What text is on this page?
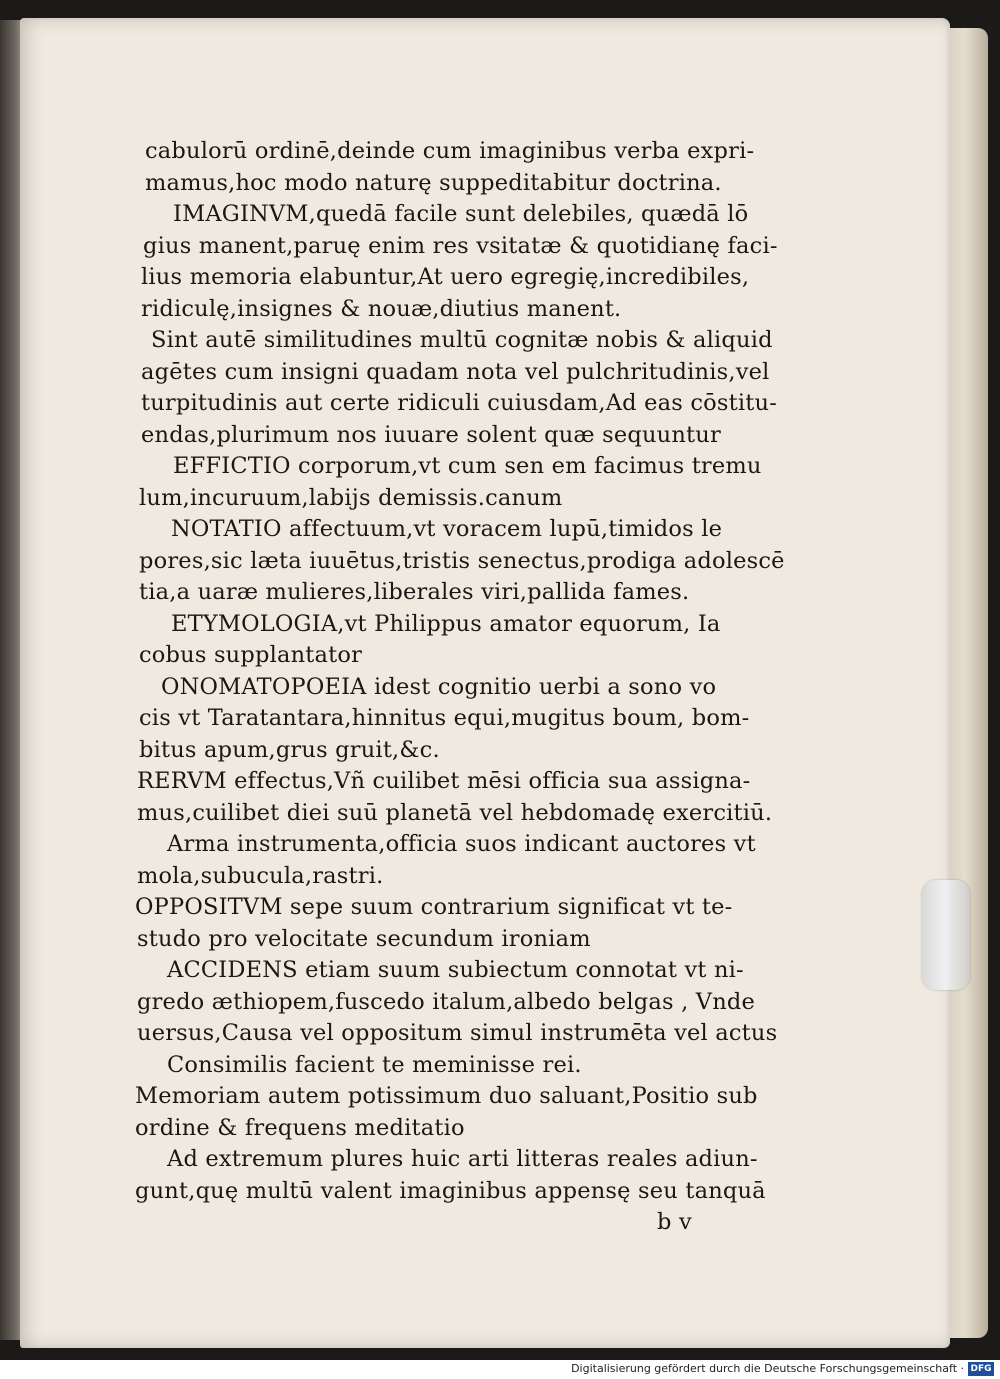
cabulorū ordinē,deinde cum imaginibus verba expri-
mamus,hoc modo naturę suppeditabitur doctrina.
IMAGINVM,quedā facile sunt delebiles, quædā lō
gius manent,paruę enim res vsitatæ & quotidianę faci-
lius memoria elabuntur,At uero egregię,incredibiles,
ridiculę,insignes & nouæ,diutius manent.
Sint autē similitudines multū cognitæ nobis & aliquid
agētes cum insigni quadam nota vel pulchritudinis,vel
turpitudinis aut certe ridiculi cuiusdam,Ad eas cōstitu-
endas,plurimum nos iuuare solent quæ sequuntur
EFFICTIO corporum,vt cum sen em facimus tremu
lum,incuruum,labijs demissis.canum
NOTATIO affectuum,vt voracem lupū,timidos le
pores,sic læta iuuētus,tristis senectus,prodiga adolescē
tia,a uaræ mulieres,liberales viri,pallida fames.
ETYMOLOGIA,vt Philippus amator equorum, Ia
cobus supplantator
ONOMATOPOEIA idest cognitio uerbi a sono vo
cis vt Taratantara,hinnitus equi,mugitus boum, bom-
bitus apum,grus gruit,&c.
RERVM effectus,Vñ cuilibet mēsi officia sua assigna-
mus,cuilibet diei suū planetā vel hebdomadę exercitiū.
Arma instrumenta,officia suos indicant auctores vt
mola,subucula,rastri.
OPPOSITVM sepe suum contrarium significat vt te-
studo pro velocitate secundum ironiam
ACCIDENS etiam suum subiectum connotat vt ni-
gredo æthiopem,fuscedo italum,albedo belgas , Vnde
uersus,Causa vel oppositum simul instrumēta vel actus
Consimilis facient te meminisse rei.
Memoriam autem potissimum duo saluant,Positio sub
ordine & frequens meditatio
Ad extremum plures huic arti litteras reales adiun-
gunt,quę multū valent imaginibus appensę seu tanquā
b v
Digitalisierung gefördert durch die Deutsche Forschungsgemeinschaft · DFG
